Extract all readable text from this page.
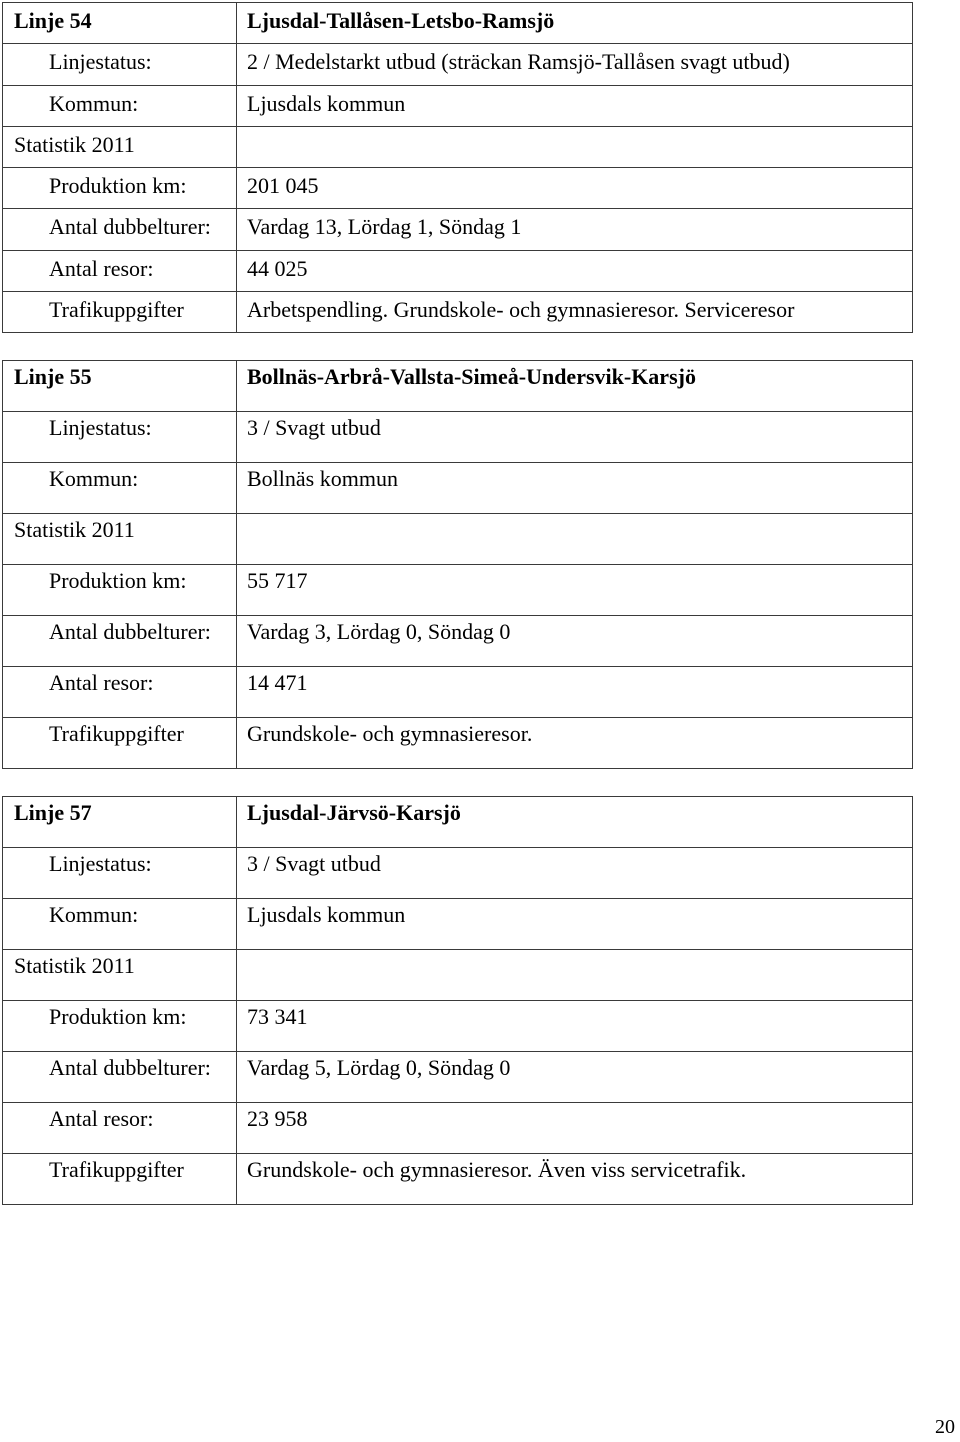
Linje 54	Ljusdal-Tallåsen-Letsbo-Ramsjö
Linjestatus:	2 / Medelstarkt utbud (sträckan Ramsjö-Tallåsen svagt utbud)
Kommun:	Ljusdals kommun
Statistik 2011	
Produktion km:	201 045
Antal dubbelturer:	Vardag 13, Lördag 1, Söndag 1
Antal resor:	44 025
Trafikuppgifter	Arbetspendling. Grundskole- och gymnasieresor. Serviceresor
Linje 55	Bollnäs-Arbrå-Vallsta-Simeå-Undersvik-Karsjö
Linjestatus:	3 / Svagt utbud
Kommun:	Bollnäs kommun
Statistik 2011	
Produktion km:	55 717
Antal dubbelturer:	Vardag 3, Lördag 0, Söndag 0
Antal resor:	14 471
Trafikuppgifter	Grundskole- och gymnasieresor.
Linje 57	Ljusdal-Järvsö-Karsjö
Linjestatus:	3 / Svagt utbud
Kommun:	Ljusdals kommun
Statistik 2011	
Produktion km:	73 341
Antal dubbelturer:	Vardag 5, Lördag 0, Söndag 0
Antal resor:	23 958
Trafikuppgifter	Grundskole- och gymnasieresor. Även viss servicetrafik.
20
